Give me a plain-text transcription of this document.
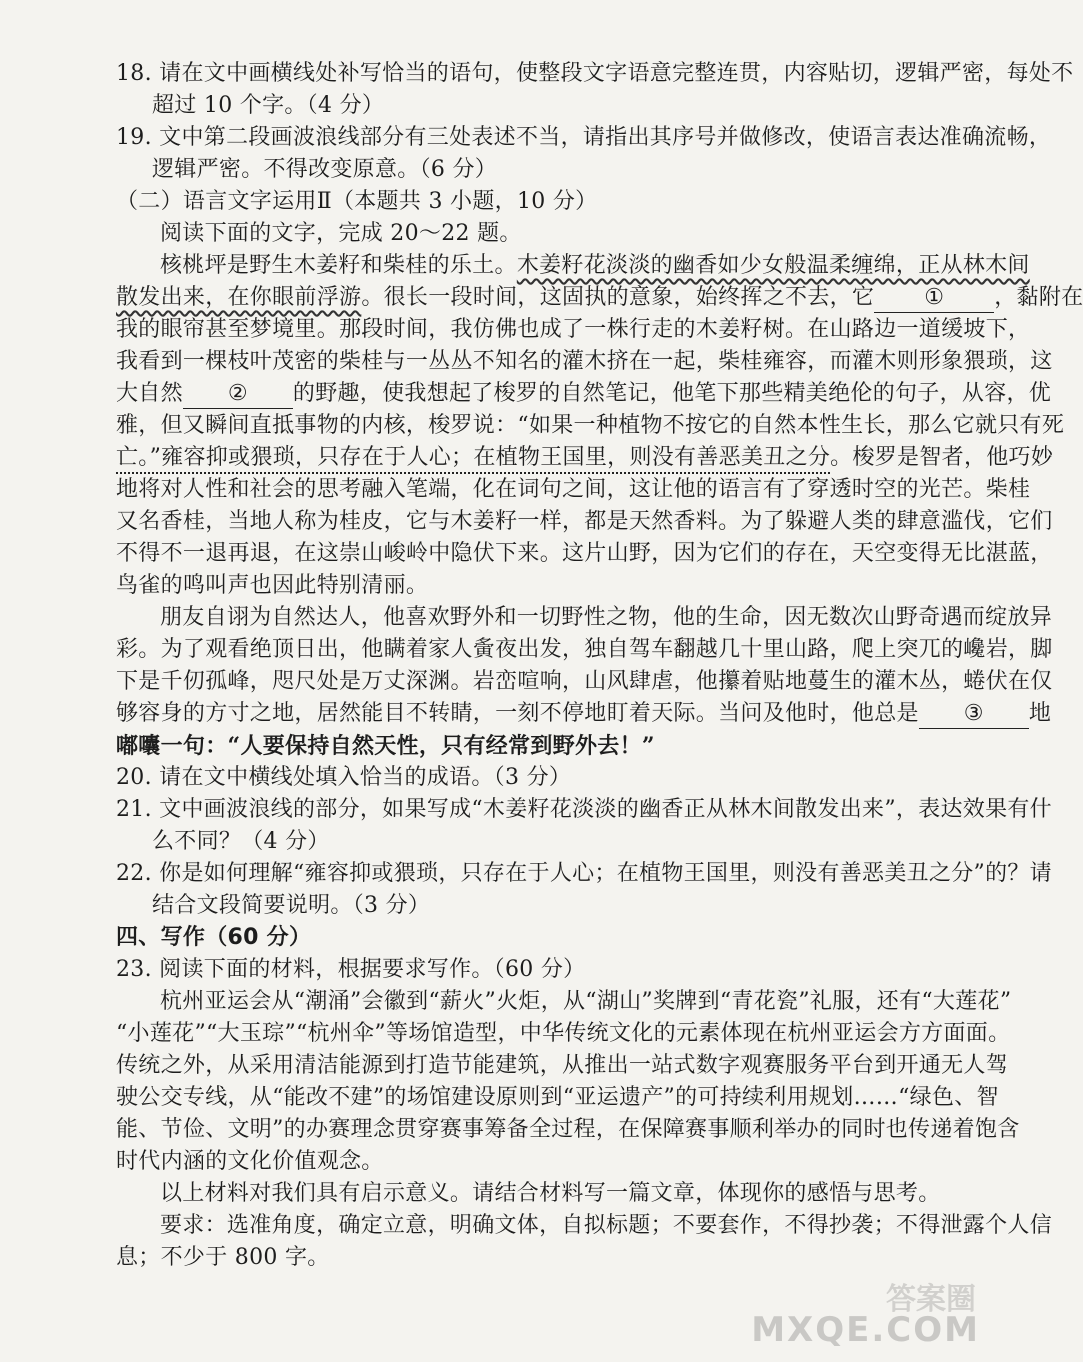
18. 请在文中画横线处补写恰当的语句，使整段文字语意完整连贯，内容贴切，逻辑严密，每处不
超过 10 个字。（4 分）
19. 文中第二段画波浪线部分有三处表述不当，请指出其序号并做修改，使语言表达准确流畅，
逻辑严密。不得改变原意。（6 分）
（二）语言文字运用Ⅱ（本题共 3 小题，10 分）
阅读下面的文字，完成 20～22 题。
核桃坪是野生木姜籽和柴桂的乐土。木姜籽花淡淡的幽香如少女般温柔缠绵，正从林木间
散发出来，在你眼前浮游。很长一段时间，这固执的意象，始终挥之不去，它 ① ，黏附在
我的眼帘甚至梦境里。那段时间，我仿佛也成了一株行走的木姜籽树。在山路边一道缓坡下，
我看到一棵枝叶茂密的柴桂与一丛丛不知名的灌木挤在一起，柴桂雍容，而灌木则形象猥琐，这
大自然 ② 的野趣，使我想起了梭罗的自然笔记，他笔下那些精美绝伦的句子，从容，优
雅，但又瞬间直抵事物的内核，梭罗说：“如果一种植物不按它的自然本性生长，那么它就只有死
亡。”雍容抑或猥琐，只存在于人心；在植物王国里，则没有善恶美丑之分。梭罗是智者，他巧妙
地将对人性和社会的思考融入笔端，化在词句之间，这让他的语言有了穿透时空的光芒。柴桂
又名香桂，当地人称为桂皮，它与木姜籽一样，都是天然香料。为了躲避人类的肆意滥伐，它们
不得不一退再退，在这崇山峻岭中隐伏下来。这片山野，因为它们的存在，天空变得无比湛蓝，
鸟雀的鸣叫声也因此特别清丽。
朋友自诩为自然达人，他喜欢野外和一切野性之物，他的生命，因无数次山野奇遇而绽放异
彩。为了观看绝顶日出，他瞒着家人夤夜出发，独自驾车翻越几十里山路，爬上突兀的巉岩，脚
下是千仞孤峰，咫尺处是万丈深渊。岩峦喧响，山风肆虐，他攥着贴地蔓生的灌木丛，蜷伏在仅
够容身的方寸之地，居然能目不转睛，一刻不停地盯着天际。当问及他时，他总是 ③ 地
嘟囔一句：“人要保持自然天性，只有经常到野外去！”
20. 请在文中横线处填入恰当的成语。（3 分）
21. 文中画波浪线的部分，如果写成“木姜籽花淡淡的幽香正从林木间散发出来”，表达效果有什
么不同？（4 分）
22. 你是如何理解“雍容抑或猥琐，只存在于人心；在植物王国里，则没有善恶美丑之分”的？请
结合文段简要说明。（3 分）
四、写作（60 分）
23. 阅读下面的材料，根据要求写作。（60 分）
杭州亚运会从“潮涌”会徽到“薪火”火炬，从“湖山”奖牌到“青花瓷”礼服，还有“大莲花”
“小莲花”“大玉琮”“杭州伞”等场馆造型，中华传统文化的元素体现在杭州亚运会方方面面。
传统之外，从采用清洁能源到打造节能建筑，从推出一站式数字观赛服务平台到开通无人驾
驶公交专线，从“能改不建”的场馆建设原则到“亚运遗产”的可持续利用规划……“绿色、智
能、节俭、文明”的办赛理念贯穿赛事筹备全过程，在保障赛事顺利举办的同时也传递着饱含
时代内涵的文化价值观念。
以上材料对我们具有启示意义。请结合材料写一篇文章，体现你的感悟与思考。
要求：选准角度，确定立意，明确文体，自拟标题；不要套作，不得抄袭；不得泄露个人信
息；不少于 800 字。
答案圈
MXQE.COM
